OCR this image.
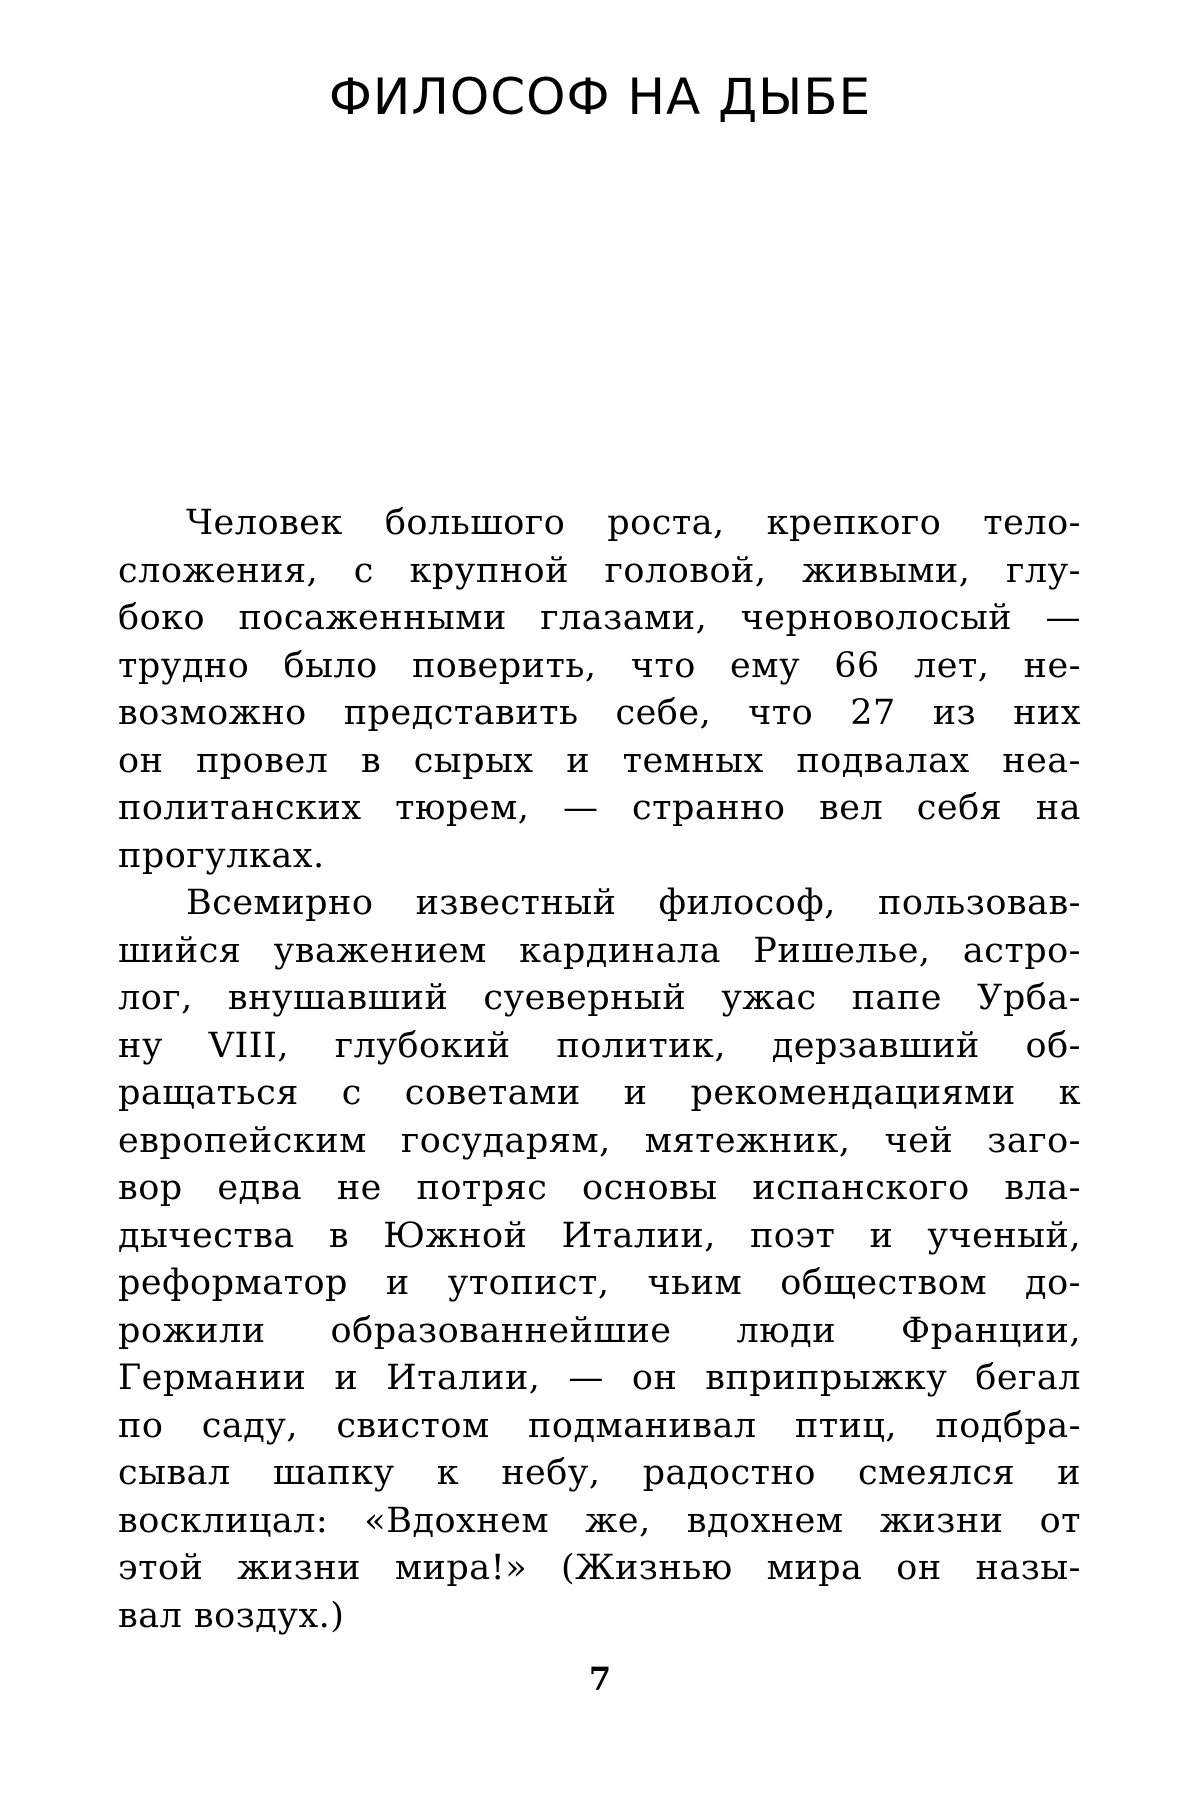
ФИЛОСОФ НА ДЫБЕ
Человек большого роста, крепкого тело-
сложения, с крупной головой, живыми, глу-
боко посаженными глазами, черноволосый —
трудно было поверить, что ему 66 лет, не-
возможно представить себе, что 27 из них
он провел в сырых и темных подвалах неа-
политанских тюрем, — странно вел себя на
прогулках.
Всемирно известный философ, пользовав-
шийся уважением кардинала Ришелье, астро-
лог, внушавший суеверный ужас папе Урба-
ну VIII, глубокий политик, дерзавший об-
ращаться с советами и рекомендациями к
европейским государям, мятежник, чей заго-
вор едва не потряс основы испанского вла-
дычества в Южной Италии, поэт и ученый,
реформатор и утопист, чьим обществом до-
рожили образованнейшие люди Франции,
Германии и Италии, — он вприпрыжку бегал
по саду, свистом подманивал птиц, подбра-
сывал шапку к небу, радостно смеялся и
восклицал: «Вдохнем же, вдохнем жизни от
этой жизни мира!» (Жизнью мира он назы-
вал воздух.)
7
